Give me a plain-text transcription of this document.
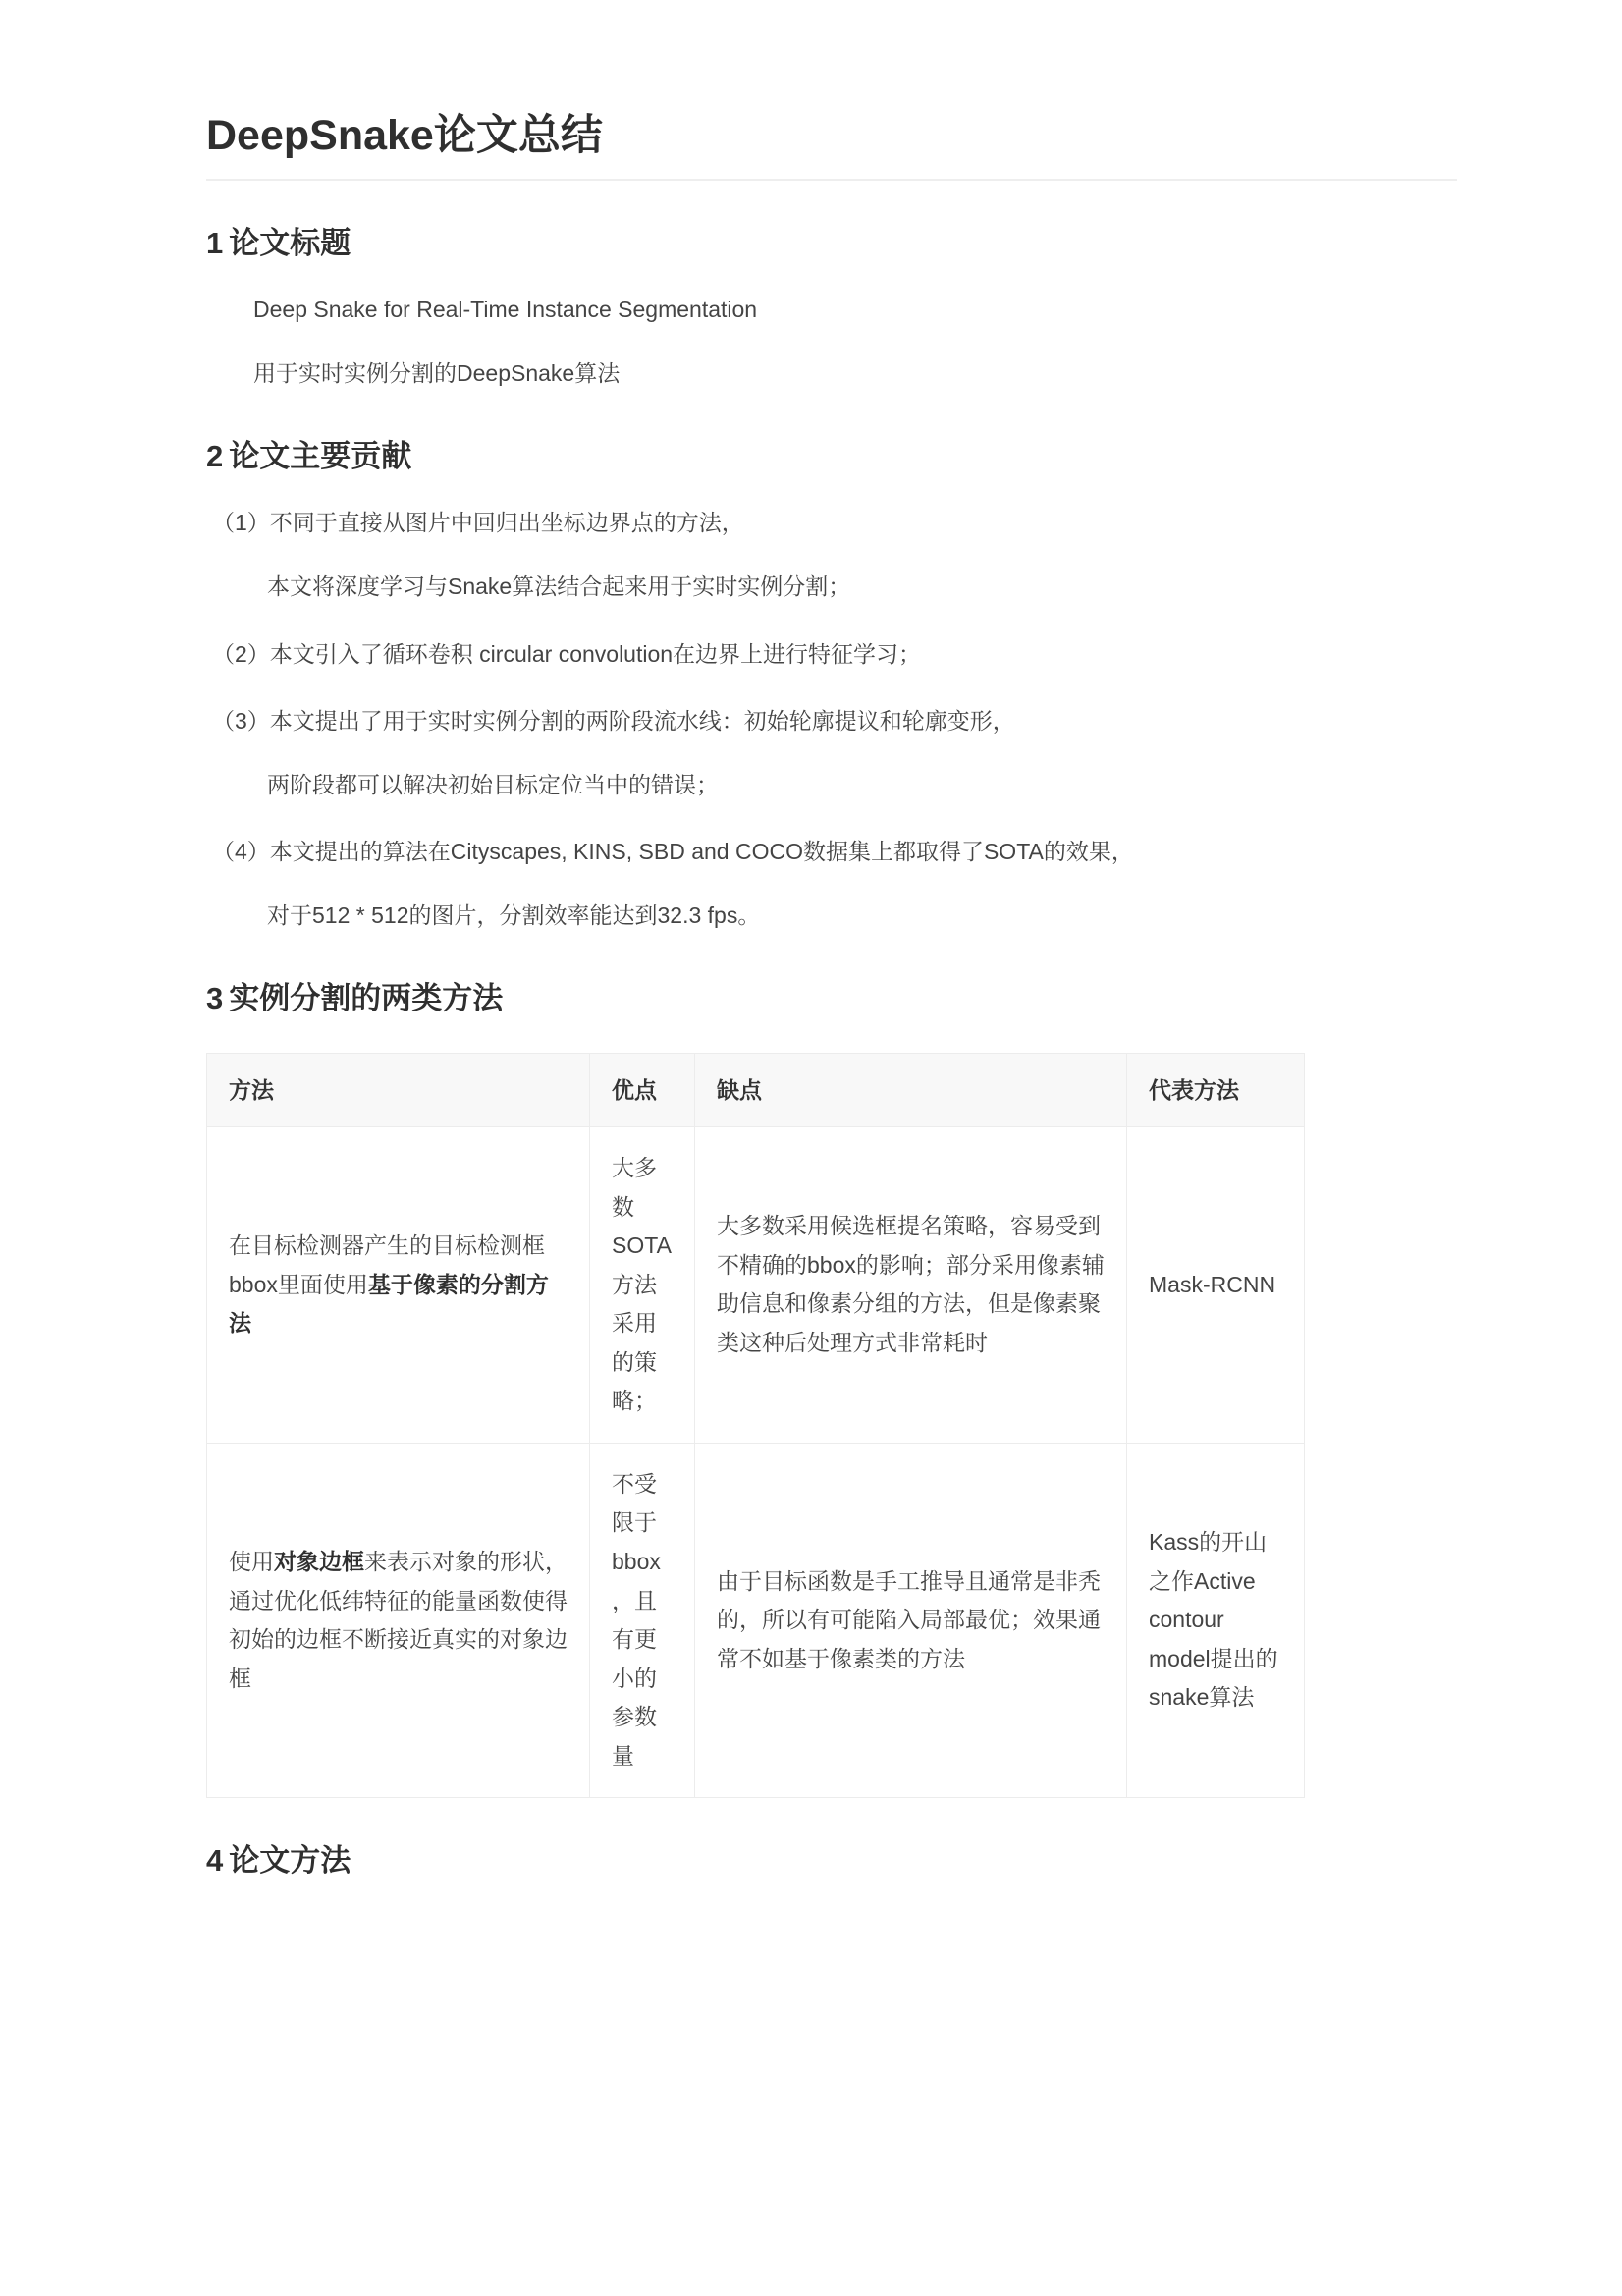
DeepSnake论文总结
1 论文标题

Deep Snake for Real-Time Instance Segmentation

用于实时实例分割的DeepSnake算法

2 论文主要贡献

（1）不同于直接从图片中回归出坐标边界点的方法，

本文将深度学习与Snake算法结合起来用于实时实例分割；

（2）本文引入了循环卷积 circular convolution在边界上进行特征学习；

（3）本文提出了用于实时实例分割的两阶段流水线：初始轮廓提议和轮廓变形，

两阶段都可以解决初始目标定位当中的错误；

（4）本文提出的算法在Cityscapes, KINS, SBD and COCO数据集上都取得了SOTA的效果，

对于512 * 512的图片，分割效率能达到32.3 fps。

3 实例分割的两类方法
方法	优点	缺点	代表方法
在目标检测器产生的目标检测框bbox里面使用基于像素的分割方法	大多数SOTA方法采用的策略；	大多数采用候选框提名策略，容易受到不精确的bbox的影响；部分采用像素辅助信息和像素分组的方法，但是像素聚类这种后处理方式非常耗时	Mask-RCNN
使用对象边框来表示对象的形状，通过优化低纬特征的能量函数使得初始的边框不断接近真实的对象边框	不受限于bbox，且有更小的参数量	由于目标函数是手工推导且通常是非秃的，所以有可能陷入局部最优；效果通常不如基于像素类的方法	Kass的开山之作Active contour model提出的snake算法
4 论文方法
